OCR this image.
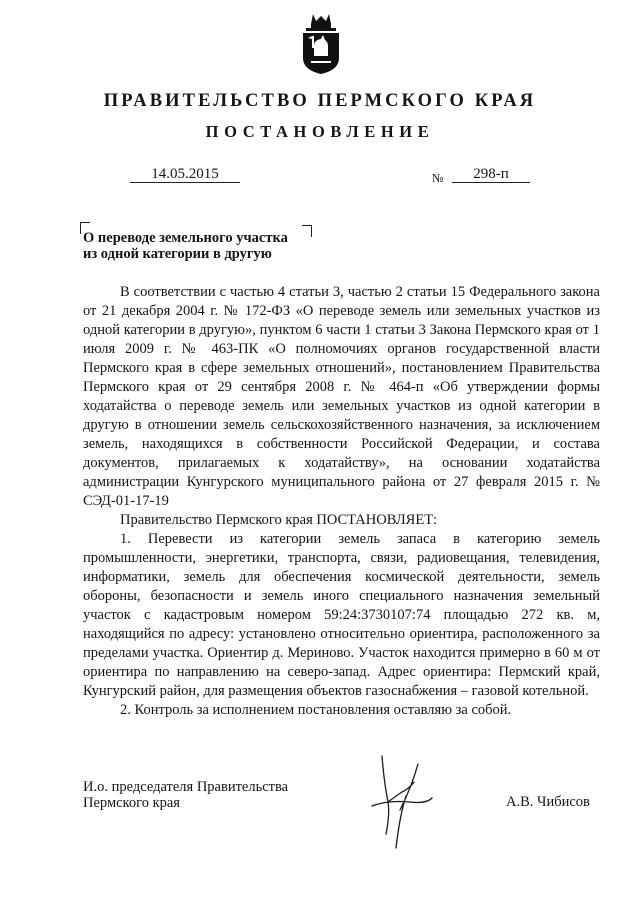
ПРАВИТЕЛЬСТВО ПЕРМСКОГО КРАЯ
ПОСТАНОВЛЕНИЕ
14.05.2015	№	298-п
О переводе земельного участка
из одной категории в другую

В соответствии с частью 4 статьи 3, частью 2 статьи 15 Федерального закона от 21 декабря 2004 г. № 172-ФЗ «О переводе земель или земельных участков из одной категории в другую», пунктом 6 части 1 статьи 3 Закона Пермского края от 1 июля 2009 г. № 463-ПК «О полномочиях органов государственной власти Пермского края в сфере земельных отношений», постановлением Правительства Пермского края от 29 сентября 2008 г. № 464-п «Об утверждении формы ходатайства о переводе земель или земельных участков из одной категории в другую в отношении земель сельскохозяйственного назначения, за исключением земель, находящихся в собственности Российской Федерации, и состава документов, прилагаемых к ходатайству», на основании ходатайства администрации Кунгурского муниципального района от 27 февраля 2015 г. № СЭД-01-17-19

Правительство Пермского края ПОСТАНОВЛЯЕТ:

1. Перевести из категории земель запаса в категорию земель промышленности, энергетики, транспорта, связи, радиовещания, телевидения, информатики, земель для обеспечения космической деятельности, земель обороны, безопасности и земель иного специального назначения земельный участок с кадастровым номером 59:24:3730107:74 площадью 272 кв. м, находящийся по адресу: установлено относительно ориентира, расположенного за пределами участка. Ориентир д. Мериново. Участок находится примерно в 60 м от ориентира по направлению на северо-запад. Адрес ориентира: Пермский край, Кунгурский район, для размещения объектов газоснабжения – газовой котельной.

2. Контроль за исполнением постановления оставляю за собой.

И.о. председателя Правительства
Пермского края	А.В. Чибисов
